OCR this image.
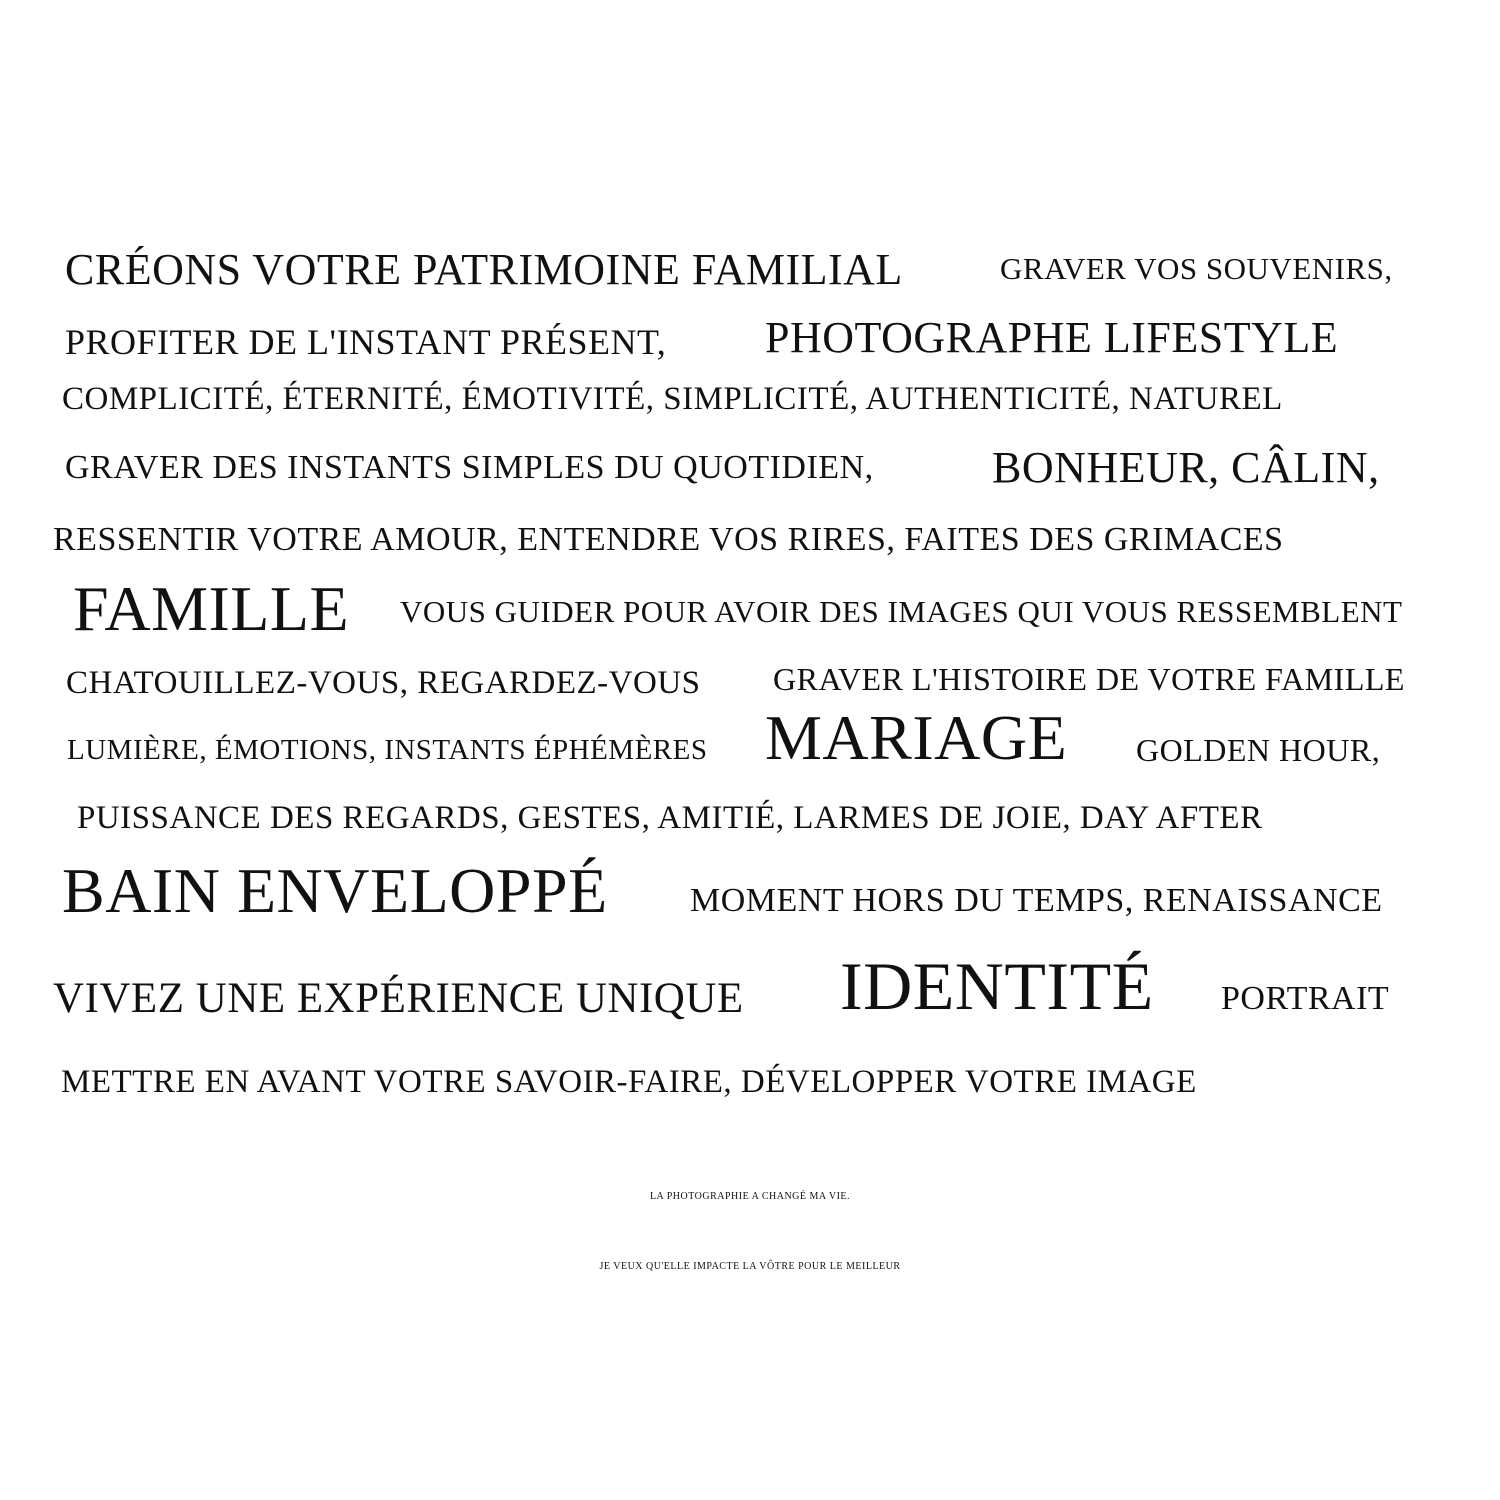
CRÉONS VOTRE PATRIMOINE FAMILIAL	GRAVER VOS SOUVENIRS,
PROFITER DE L'INSTANT PRÉSENT, PHOTOGRAPHE LIFESTYLE
COMPLICITÉ, ÉTERNITÉ, ÉMOTIVITÉ, SIMPLICITÉ, AUTHENTICITÉ, NATUREL
GRAVER DES INSTANTS SIMPLES DU QUOTIDIEN,	BONHEUR, CÂLIN,
RESSENTIR VOTRE AMOUR, ENTENDRE VOS RIRES, FAITES DES GRIMACES
FAMILLE VOUS GUIDER POUR AVOIR DES IMAGES QUI VOUS RESSEMBLENT
CHATOUILLEZ-VOUS, REGARDEZ-VOUS GRAVER L'HISTOIRE DE VOTRE FAMILLE
LUMIÈRE, ÉMOTIONS, INSTANTS ÉPHÉMÈRES MARIAGE GOLDEN HOUR,
PUISSANCE DES REGARDS, GESTES, AMITIÉ, LARMES DE JOIE, DAY AFTER
BAIN ENVELOPPÉ MOMENT HORS DU TEMPS, RENAISSANCE
VIVEZ UNE EXPÉRIENCE UNIQUE IDENTITÉ PORTRAIT
METTRE EN AVANT VOTRE SAVOIR-FAIRE, DÉVELOPPER VOTRE IMAGE
LA PHOTOGRAPHIE A CHANGÉ MA VIE.
JE VEUX QU'ELLE IMPACTE LA VÔTRE POUR LE MEILLEUR
